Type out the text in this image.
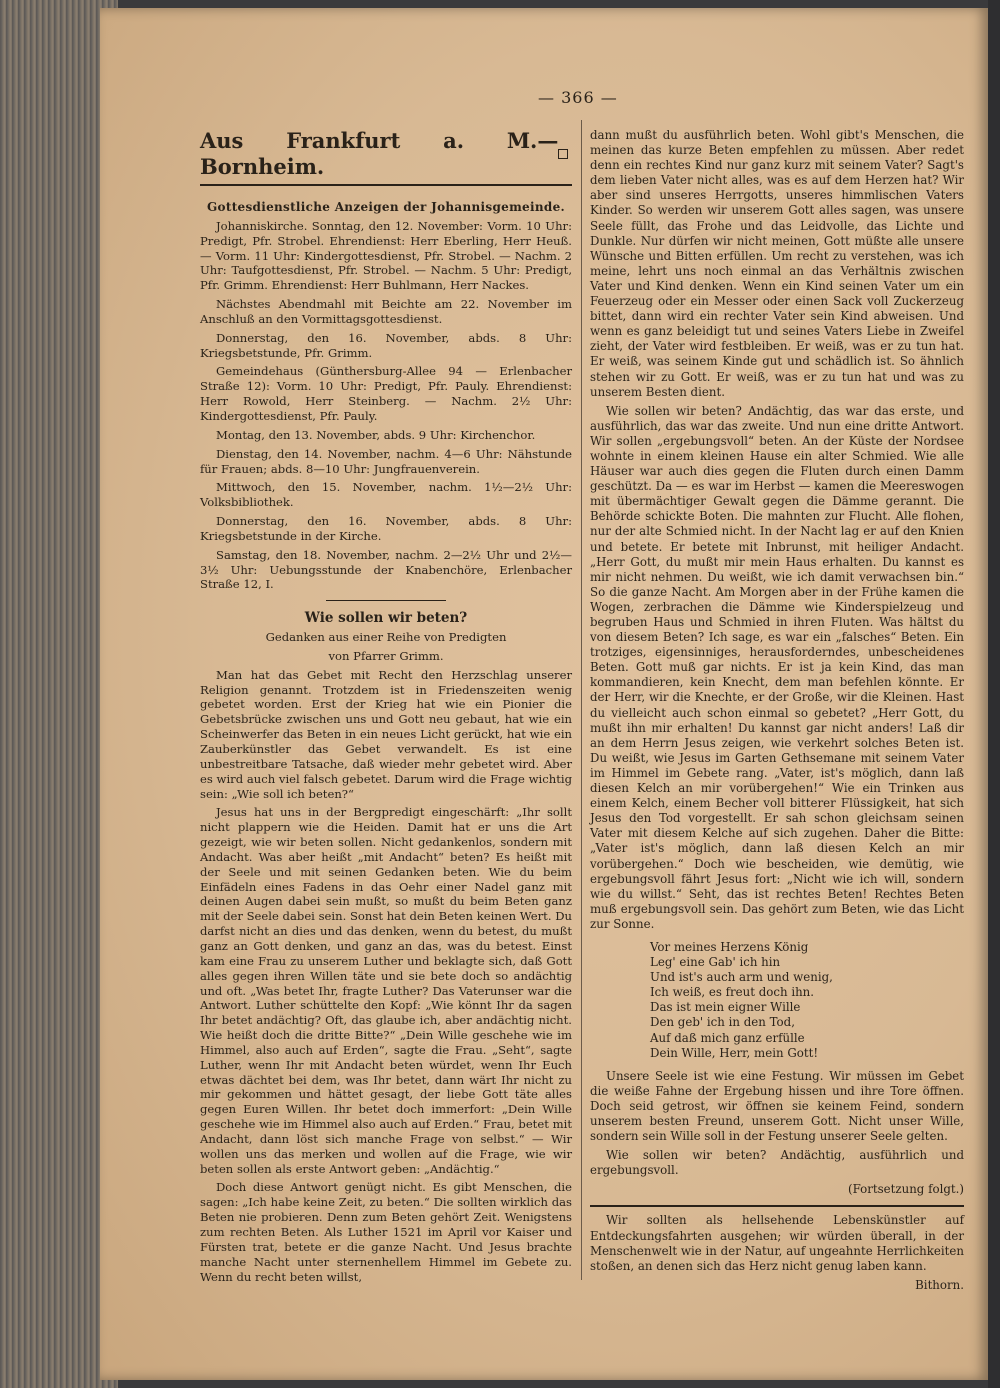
— 366 —

Aus Frankfurt a. M.—Bornheim.

Gottesdienstliche Anzeigen der Johannisgemeinde.

Johanniskirche. Sonntag, den 12. November: Vorm. 10 Uhr: Predigt, Pfr. Strobel. Ehrendienst: Herr Eberling, Herr Heuß. — Vorm. 11 Uhr: Kindergottesdienst, Pfr. Strobel. — Nachm. 2 Uhr: Taufgottesdienst, Pfr. Strobel. — Nachm. 5 Uhr: Predigt, Pfr. Grimm. Ehrendienst: Herr Buhlmann, Herr Nackes.

Nächstes Abendmahl mit Beichte am 22. November im Anschluß an den Vormittagsgottesdienst.

Donnerstag, den 16. November, abds. 8 Uhr: Kriegsbetstunde, Pfr. Grimm.

Gemeindehaus (Günthersburg-Allee 94 — Erlenbacher Straße 12): Vorm. 10 Uhr: Predigt, Pfr. Pauly. Ehrendienst: Herr Rowold, Herr Steinberg. — Nachm. 2½ Uhr: Kindergottesdienst, Pfr. Pauly.

Montag, den 13. November, abds. 9 Uhr: Kirchenchor.

Dienstag, den 14. November, nachm. 4—6 Uhr: Nähstunde für Frauen; abds. 8—10 Uhr: Jungfrauenverein.

Mittwoch, den 15. November, nachm. 1½—2½ Uhr: Volksbibliothek.

Donnerstag, den 16. November, abds. 8 Uhr: Kriegsbetstunde in der Kirche.

Samstag, den 18. November, nachm. 2—2½ Uhr und 2½—3½ Uhr: Uebungsstunde der Knabenchöre, Erlenbacher Straße 12, I.

Wie sollen wir beten?

Gedanken aus einer Reihe von Predigten

von Pfarrer Grimm.

Man hat das Gebet mit Recht den Herzschlag unserer Religion genannt. Trotzdem ist in Friedenszeiten wenig gebetet worden. Erst der Krieg hat wie ein Pionier die Gebetsbrücke zwischen uns und Gott neu gebaut, hat wie ein Scheinwerfer das Beten in ein neues Licht gerückt, hat wie ein Zauberkünstler das Gebet verwandelt. Es ist eine unbestreitbare Tatsache, daß wieder mehr gebetet wird. Aber es wird auch viel falsch gebetet. Darum wird die Frage wichtig sein: „Wie soll ich beten?“

Jesus hat uns in der Bergpredigt eingeschärft: „Ihr sollt nicht plappern wie die Heiden. Damit hat er uns die Art gezeigt, wie wir beten sollen. Nicht gedankenlos, sondern mit Andacht. Was aber heißt „mit Andacht“ beten? Es heißt mit der Seele und mit seinen Gedanken beten. Wie du beim Einfädeln eines Fadens in das Oehr einer Nadel ganz mit deinen Augen dabei sein mußt, so mußt du beim Beten ganz mit der Seele dabei sein. Sonst hat dein Beten keinen Wert. Du darfst nicht an dies und das denken, wenn du betest, du mußt ganz an Gott denken, und ganz an das, was du betest. Einst kam eine Frau zu unserem Luther und beklagte sich, daß Gott alles gegen ihren Willen täte und sie bete doch so andächtig und oft. „Was betet Ihr, fragte Luther? Das Vaterunser war die Antwort. Luther schüttelte den Kopf: „Wie könnt Ihr da sagen Ihr betet andächtig? Oft, das glaube ich, aber andächtig nicht. Wie heißt doch die dritte Bitte?“ „Dein Wille geschehe wie im Himmel, also auch auf Erden“, sagte die Frau. „Seht“, sagte Luther, wenn Ihr mit Andacht beten würdet, wenn Ihr Euch etwas dächtet bei dem, was Ihr betet, dann wärt Ihr nicht zu mir gekommen und hättet gesagt, der liebe Gott täte alles gegen Euren Willen. Ihr betet doch immerfort: „Dein Wille geschehe wie im Himmel also auch auf Erden.“ Frau, betet mit Andacht, dann löst sich manche Frage von selbst.“ — Wir wollen uns das merken und wollen auf die Frage, wie wir beten sollen als erste Antwort geben: „Andächtig.“

Doch diese Antwort genügt nicht. Es gibt Menschen, die sagen: „Ich habe keine Zeit, zu beten.“ Die sollten wirklich das Beten nie probieren. Denn zum Beten gehört Zeit. Wenigstens zum rechten Beten. Als Luther 1521 im April vor Kaiser und Fürsten trat, betete er die ganze Nacht. Und Jesus brachte manche Nacht unter sternenhellem Himmel im Gebete zu. Wenn du recht beten willst,

dann mußt du ausführlich beten. Wohl gibt's Menschen, die meinen das kurze Beten empfehlen zu müssen. Aber redet denn ein rechtes Kind nur ganz kurz mit seinem Vater? Sagt's dem lieben Vater nicht alles, was es auf dem Herzen hat? Wir aber sind unseres Herrgotts, unseres himmlischen Vaters Kinder. So werden wir unserem Gott alles sagen, was unsere Seele füllt, das Frohe und das Leidvolle, das Lichte und Dunkle. Nur dürfen wir nicht meinen, Gott müßte alle unsere Wünsche und Bitten erfüllen. Um recht zu verstehen, was ich meine, lehrt uns noch einmal an das Verhältnis zwischen Vater und Kind denken. Wenn ein Kind seinen Vater um ein Feuerzeug oder ein Messer oder einen Sack voll Zuckerzeug bittet, dann wird ein rechter Vater sein Kind abweisen. Und wenn es ganz beleidigt tut und seines Vaters Liebe in Zweifel zieht, der Vater wird festbleiben. Er weiß, was er zu tun hat. Er weiß, was seinem Kinde gut und schädlich ist. So ähnlich stehen wir zu Gott. Er weiß, was er zu tun hat und was zu unserem Besten dient.

Wie sollen wir beten? Andächtig, das war das erste, und ausführlich, das war das zweite. Und nun eine dritte Antwort. Wir sollen „ergebungsvoll“ beten. An der Küste der Nordsee wohnte in einem kleinen Hause ein alter Schmied. Wie alle Häuser war auch dies gegen die Fluten durch einen Damm geschützt. Da — es war im Herbst — kamen die Meereswogen mit übermächtiger Gewalt gegen die Dämme gerannt. Die Behörde schickte Boten. Die mahnten zur Flucht. Alle flohen, nur der alte Schmied nicht. In der Nacht lag er auf den Knien und betete. Er betete mit Inbrunst, mit heiliger Andacht. „Herr Gott, du mußt mir mein Haus erhalten. Du kannst es mir nicht nehmen. Du weißt, wie ich damit verwachsen bin.“ So die ganze Nacht. Am Morgen aber in der Frühe kamen die Wogen, zerbrachen die Dämme wie Kinderspielzeug und begruben Haus und Schmied in ihren Fluten. Was hältst du von diesem Beten? Ich sage, es war ein „falsches“ Beten. Ein trotziges, eigensinniges, herausforderndes, unbescheidenes Beten. Gott muß gar nichts. Er ist ja kein Kind, das man kommandieren, kein Knecht, dem man befehlen könnte. Er der Herr, wir die Knechte, er der Große, wir die Kleinen. Hast du vielleicht auch schon einmal so gebetet? „Herr Gott, du mußt ihn mir erhalten! Du kannst gar nicht anders! Laß dir an dem Herrn Jesus zeigen, wie verkehrt solches Beten ist. Du weißt, wie Jesus im Garten Gethsemane mit seinem Vater im Himmel im Gebete rang. „Vater, ist's möglich, dann laß diesen Kelch an mir vorübergehen!“ Wie ein Trinken aus einem Kelch, einem Becher voll bitterer Flüssigkeit, hat sich Jesus den Tod vorgestellt. Er sah schon gleichsam seinen Vater mit diesem Kelche auf sich zugehen. Daher die Bitte: „Vater ist's möglich, dann laß diesen Kelch an mir vorübergehen.“ Doch wie bescheiden, wie demütig, wie ergebungsvoll fährt Jesus fort: „Nicht wie ich will, sondern wie du willst.“ Seht, das ist rechtes Beten! Rechtes Beten muß ergebungsvoll sein. Das gehört zum Beten, wie das Licht zur Sonne.

Vor meines Herzens König
Leg' eine Gab' ich hin
Und ist's auch arm und wenig,
Ich weiß, es freut doch ihn.
Das ist mein eigner Wille
Den geb' ich in den Tod,
Auf daß mich ganz erfülle
Dein Wille, Herr, mein Gott!

Unsere Seele ist wie eine Festung. Wir müssen im Gebet die weiße Fahne der Ergebung hissen und ihre Tore öffnen. Doch seid getrost, wir öffnen sie keinem Feind, sondern unserem besten Freund, unserem Gott. Nicht unser Wille, sondern sein Wille soll in der Festung unserer Seele gelten.

Wie sollen wir beten? Andächtig, ausführlich und ergebungsvoll.

(Fortsetzung folgt.)

Wir sollten als hellsehende Lebenskünstler auf Entdeckungsfahrten ausgehen; wir würden überall, in der Menschenwelt wie in der Natur, auf ungeahnte Herrlichkeiten stoßen, an denen sich das Herz nicht genug laben kann.

Bithorn.
